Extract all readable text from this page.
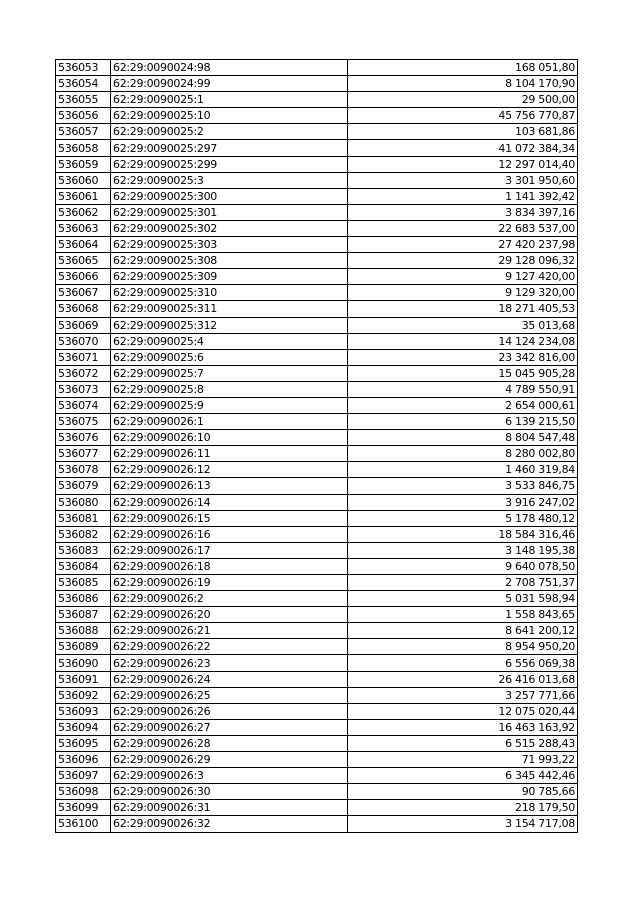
536053	62:29:0090024:98	168 051,80
536054	62:29:0090024:99	8 104 170,90
536055	62:29:0090025:1	29 500,00
536056	62:29:0090025:10	45 756 770,87
536057	62:29:0090025:2	103 681,86
536058	62:29:0090025:297	41 072 384,34
536059	62:29:0090025:299	12 297 014,40
536060	62:29:0090025:3	3 301 950,60
536061	62:29:0090025:300	1 141 392,42
536062	62:29:0090025:301	3 834 397,16
536063	62:29:0090025:302	22 683 537,00
536064	62:29:0090025:303	27 420 237,98
536065	62:29:0090025:308	29 128 096,32
536066	62:29:0090025:309	9 127 420,00
536067	62:29:0090025:310	9 129 320,00
536068	62:29:0090025:311	18 271 405,53
536069	62:29:0090025:312	35 013,68
536070	62:29:0090025:4	14 124 234,08
536071	62:29:0090025:6	23 342 816,00
536072	62:29:0090025:7	15 045 905,28
536073	62:29:0090025:8	4 789 550,91
536074	62:29:0090025:9	2 654 000,61
536075	62:29:0090026:1	6 139 215,50
536076	62:29:0090026:10	8 804 547,48
536077	62:29:0090026:11	8 280 002,80
536078	62:29:0090026:12	1 460 319,84
536079	62:29:0090026:13	3 533 846,75
536080	62:29:0090026:14	3 916 247,02
536081	62:29:0090026:15	5 178 480,12
536082	62:29:0090026:16	18 584 316,46
536083	62:29:0090026:17	3 148 195,38
536084	62:29:0090026:18	9 640 078,50
536085	62:29:0090026:19	2 708 751,37
536086	62:29:0090026:2	5 031 598,94
536087	62:29:0090026:20	1 558 843,65
536088	62:29:0090026:21	8 641 200,12
536089	62:29:0090026:22	8 954 950,20
536090	62:29:0090026:23	6 556 069,38
536091	62:29:0090026:24	26 416 013,68
536092	62:29:0090026:25	3 257 771,66
536093	62:29:0090026:26	12 075 020,44
536094	62:29:0090026:27	16 463 163,92
536095	62:29:0090026:28	6 515 288,43
536096	62:29:0090026:29	71 993,22
536097	62:29:0090026:3	6 345 442,46
536098	62:29:0090026:30	90 785,66
536099	62:29:0090026:31	218 179,50
536100	62:29:0090026:32	3 154 717,08
